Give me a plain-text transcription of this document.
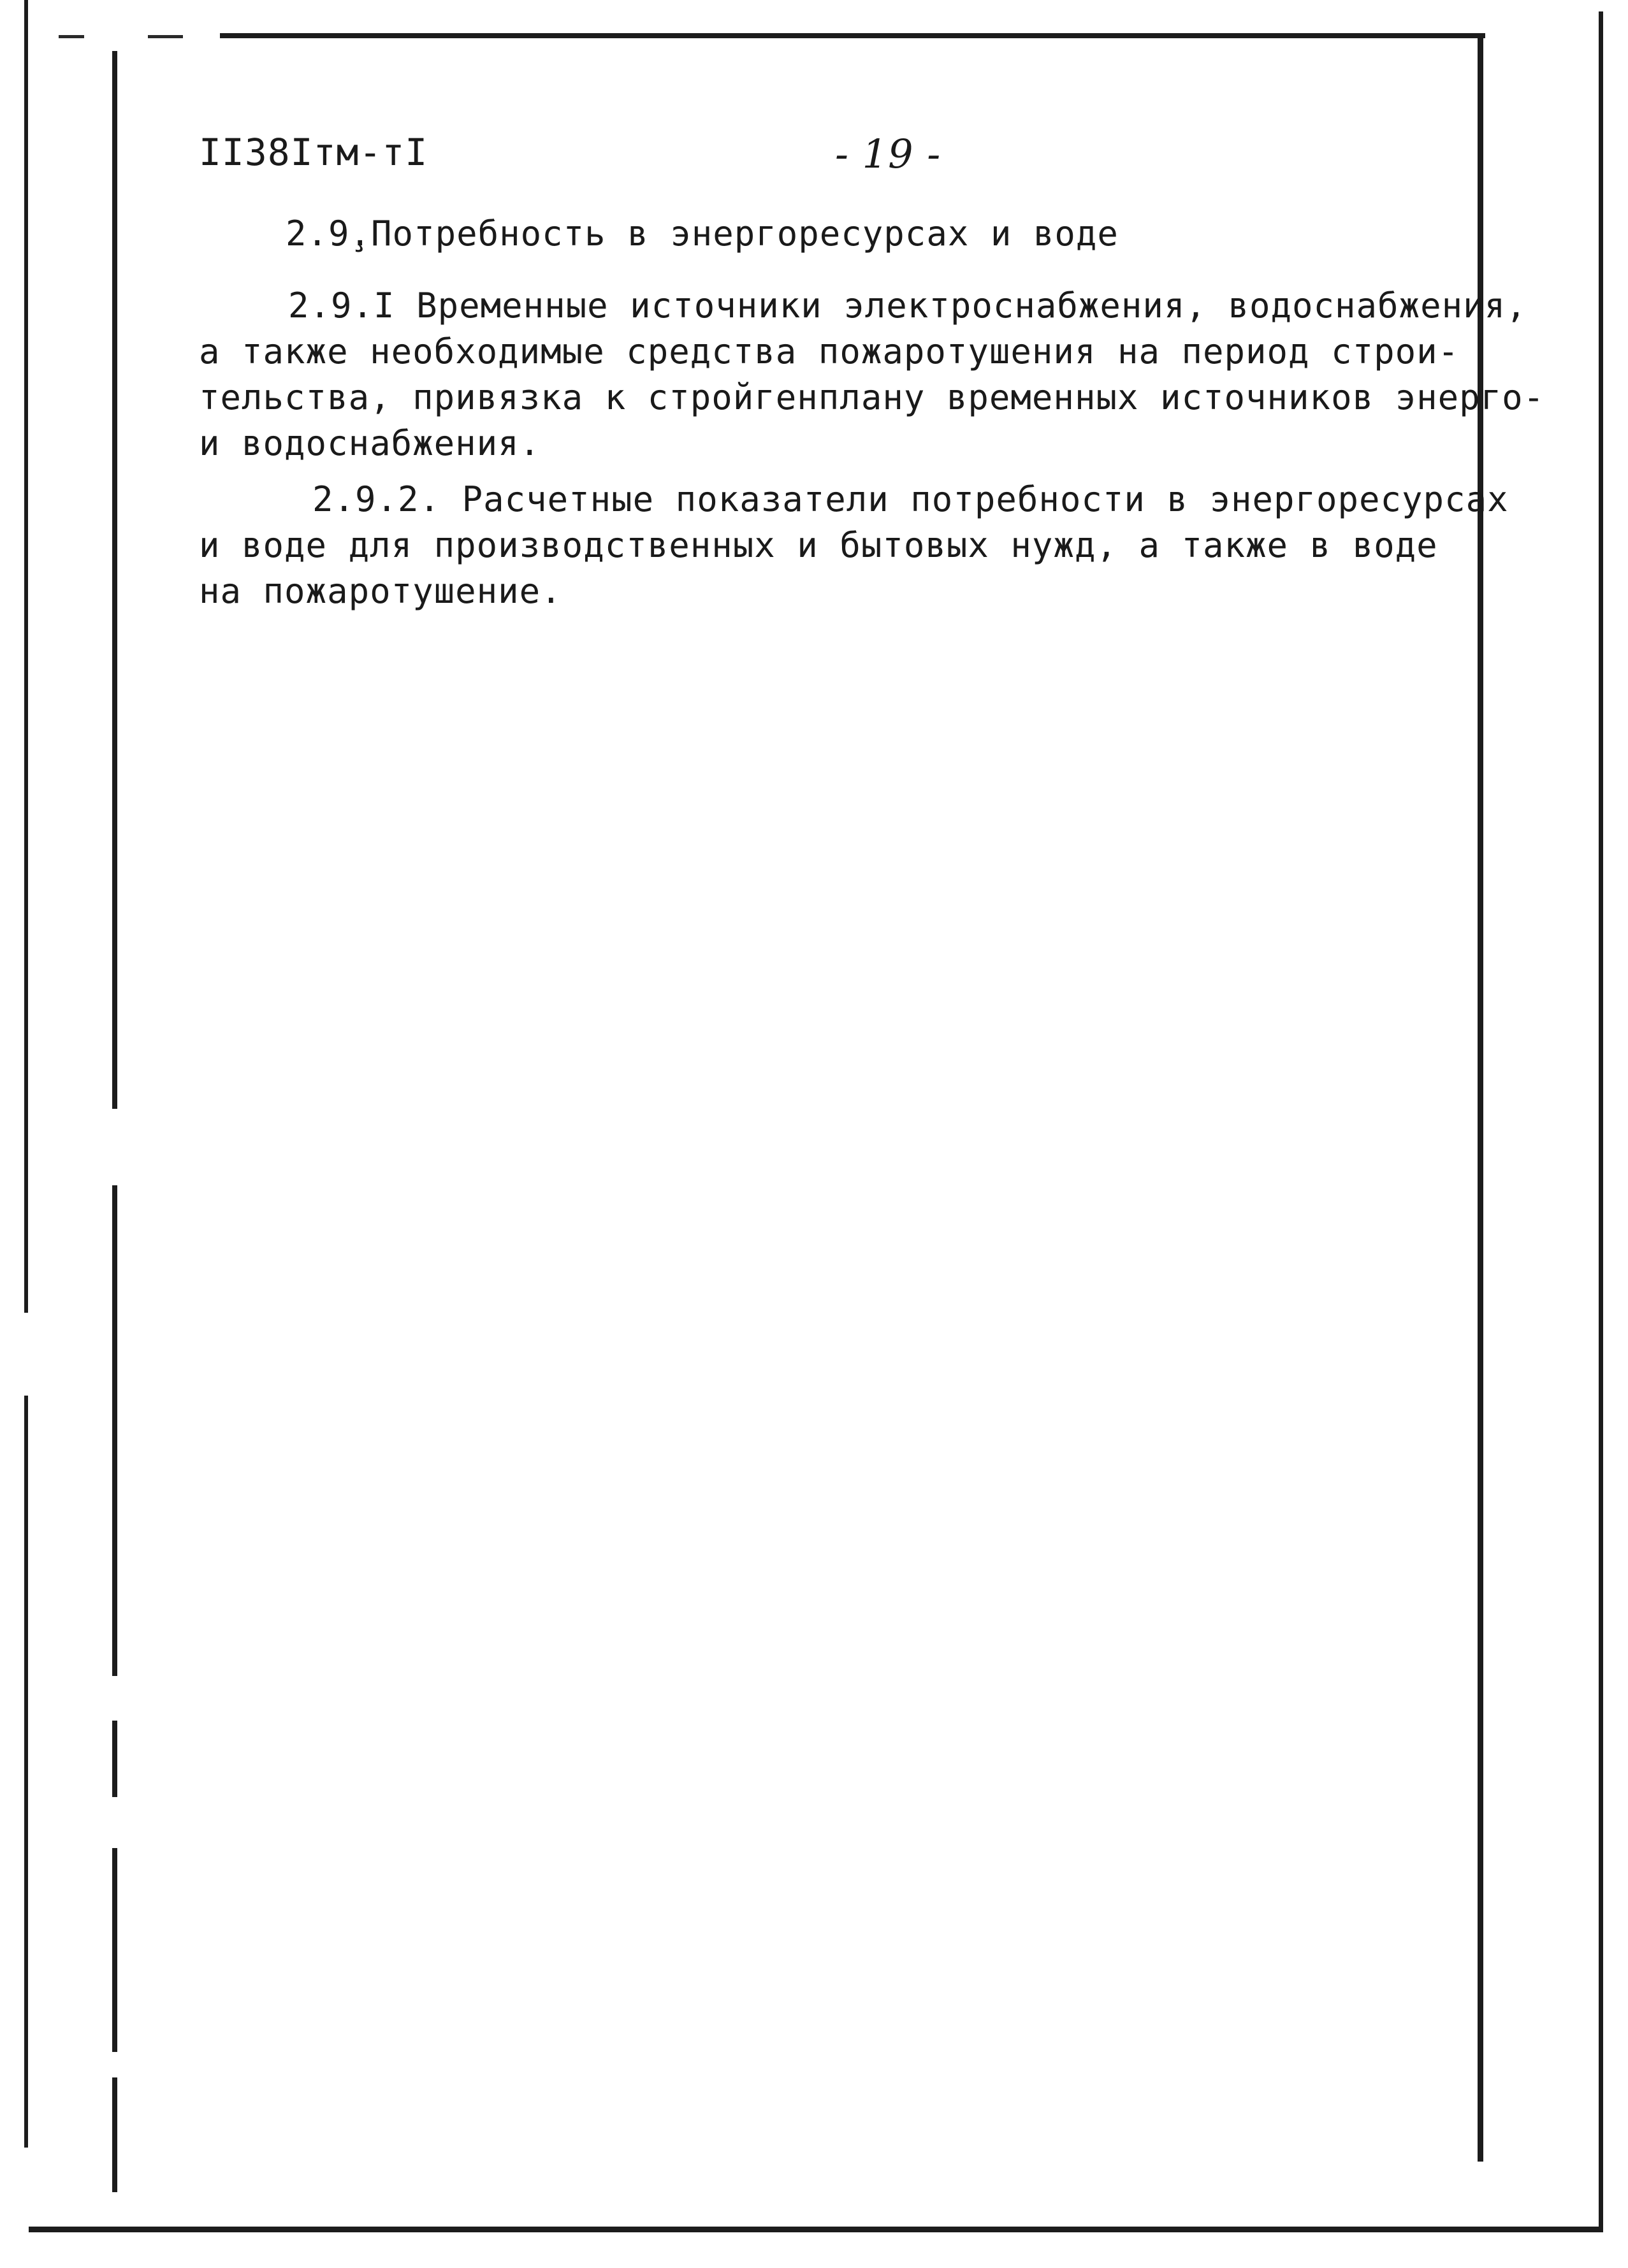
II38Iтм-тI	- 19 -
2.9̧.Потребность в энергоресурсах и воде
2.9.I Временные источники электроснабжения, водоснабжения,
а также необходимые средства пожаротушения на период строи-
тельства, привязка к стройгенплану временных источников энерго-
и водоснабжения.
2.9.2. Расчетные показатели потребности в энергоресурсах
и воде для производственных и бытовых нужд, а также в воде
на пожаротушение.
